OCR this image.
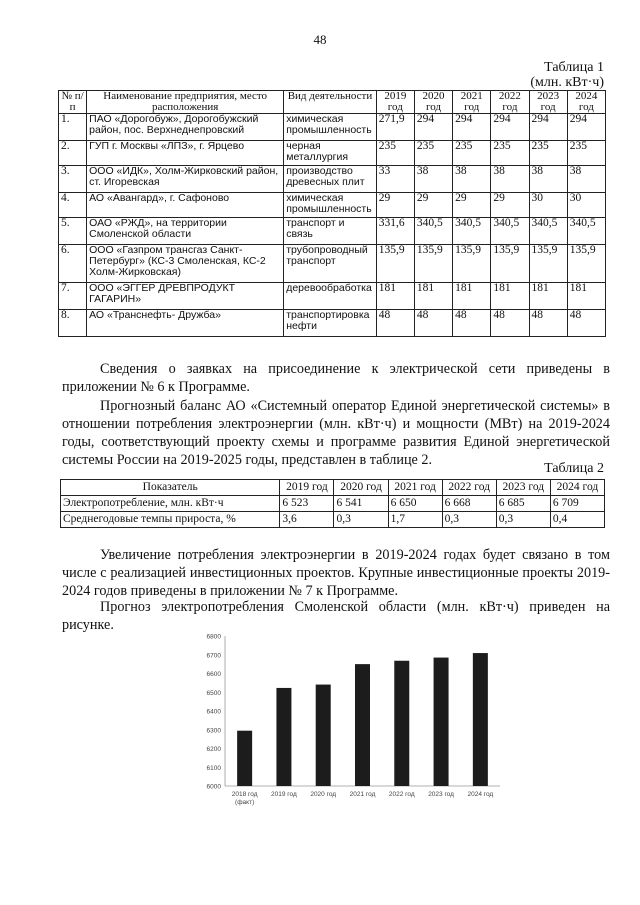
48
Таблица 1
(млн. кВт·ч)
№ п/п	Наименование предприятия, место расположения	Вид деятельности	2019 год	2020 год	2021 год	2022 год	2023 год	2024 год
1.	ПАО «Дорогобуж», Дорогобужский район, пос. Верхнеднепровский	химическая промышленность	271,9	294	294	294	294	294
2.	ГУП г. Москвы «ЛПЗ», г. Ярцево	черная металлургия	235	235	235	235	235	235
3.	ООО «ИДК», Холм-Жирковский район, ст. Игоревская	производство древесных плит	33	38	38	38	38	38
4.	АО «Авангард», г. Сафоново	химическая промышленность	29	29	29	29	30	30
5.	ОАО «РЖД», на территории Смоленской области	транспорт и связь	331,6	340,5	340,5	340,5	340,5	340,5
6.	ООО «Газпром трансгаз Санкт-Петербург» (КС-3 Смоленская, КС-2 Холм-Жирковская)	трубопроводный транспорт	135,9	135,9	135,9	135,9	135,9	135,9
7.	ООО «ЭГГЕР ДРЕВПРОДУКТ ГАГАРИН»	деревообработка	181	181	181	181	181	181
8.	АО «Транснефть- Дружба»	транспортировка нефти	48	48	48	48	48	48
Сведения о заявках на присоединение к электрической сети приведены в приложении № 6 к Программе.
Прогнозный баланс АО «Системный оператор Единой энергетической системы» в отношении потребления электроэнергии (млн. кВт·ч) и мощности (МВт) на 2019-2024 годы, соответствующий проекту схемы и программе развития Единой энергетической системы России на 2019-2025 годы, представлен в таблице 2.
Таблица 2
Показатель	2019 год	2020 год	2021 год	2022 год	2023 год	2024 год
Электропотребление, млн. кВт·ч	6 523	6 541	6 650	6 668	6 685	6 709
Среднегодовые темпы прироста, %	3,6	0,3	1,7	0,3	0,3	0,4
Увеличение потребления электроэнергии в 2019-2024 годах будет связано в том числе с реализацией инвестиционных проектов. Крупные инвестиционные проекты 2019-2024 годов приведены в приложении № 7 к Программе.
Прогноз электропотребления Смоленской области (млн. кВт·ч) приведен на рисунке.
6000
6100
6200
6300
6400
6500
6600
6700
6800
2018 год
(факт)
2019 год 2020 год 2021 год 2022 год 2023 год 2024 год
